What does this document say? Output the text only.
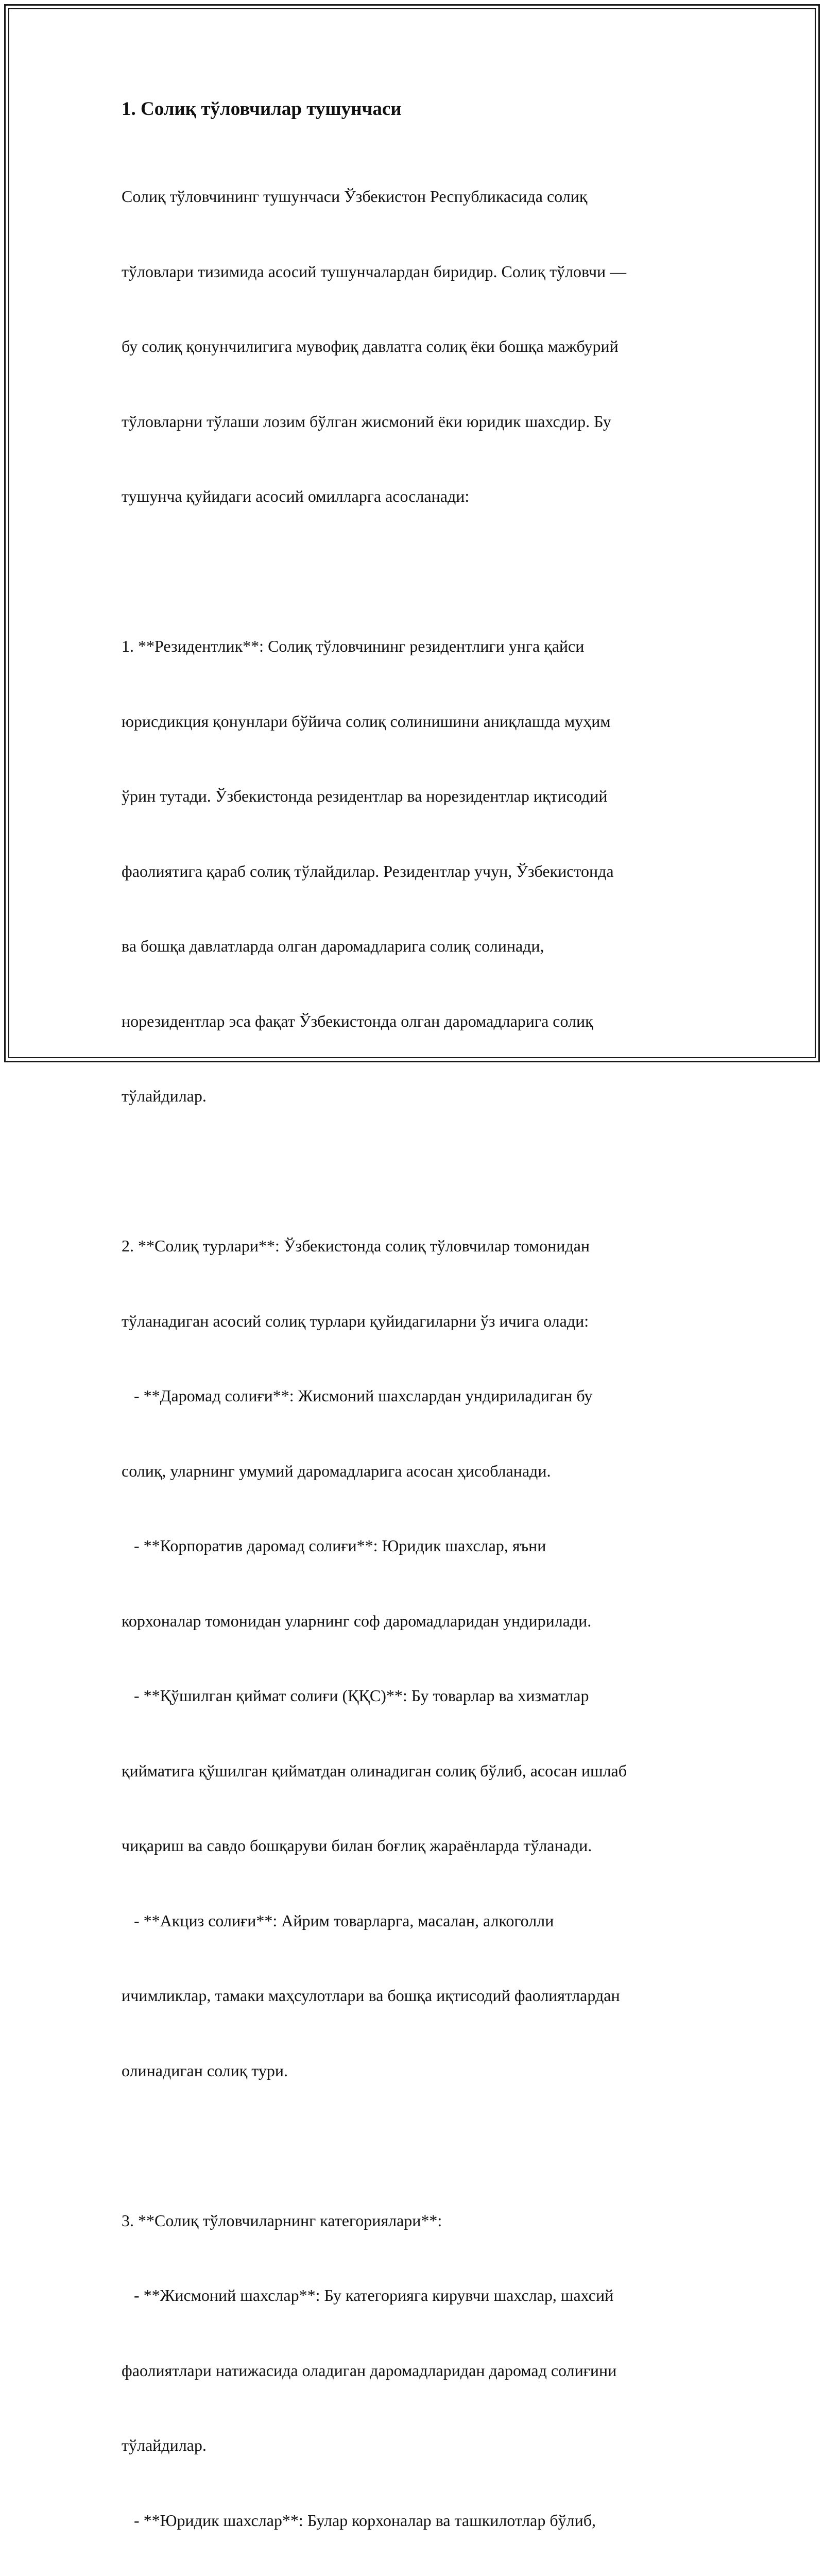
1. Солиқ тўловчилар тушунчаси

Солиқ тўловчининг тушунчаси Ўзбекистон Республикасида солиқ

тўловлари тизимида асосий тушунчалардан биридир. Солиқ тўловчи —

бу солиқ қонунчилигига мувофиқ давлатга солиқ ёки бошқа мажбурий

тўловларни тўлаши лозим бўлган жисмоний ёки юридик шахсдир. Бу

тушунча қуйидаги асосий омилларга асосланади:

1. **Резидентлик**: Солиқ тўловчининг резидентлиги унга қайси

юрисдикция қонунлари бўйича солиқ солинишини аниқлашда муҳим

ўрин тутади. Ўзбекистонда резидентлар ва норезидентлар иқтисодий

фаолиятига қараб солиқ тўлайдилар. Резидентлар учун, Ўзбекистонда

ва бошқа давлатларда олган даромадларига солиқ солинади,

норезидентлар эса фақат Ўзбекистонда олган даромадларига солиқ

тўлайдилар.

2. **Солиқ турлари**: Ўзбекистонда солиқ тўловчилар томонидан

тўланадиган асосий солиқ турлари қуйидагиларни ўз ичига олади:

- **Даромад солиғи**: Жисмоний шахслардан ундириладиган бу

солиқ, уларнинг умумий даромадларига асосан ҳисобланади.

- **Корпоратив даромад солиғи**: Юридик шахслар, яъни

корхоналар томонидан уларнинг соф даромадларидан ундирилади.

- **Қўшилган қиймат солиғи (ҚҚС)**: Бу товарлар ва хизматлар

қийматига қўшилган қийматдан олинадиган солиқ бўлиб, асосан ишлаб

чиқариш ва савдо бошқаруви билан боғлиқ жараёнларда тўланади.

- **Акциз солиғи**: Айрим товарларга, масалан, алкоголли

ичимликлар, тамаки маҳсулотлари ва бошқа иқтисодий фаолиятлардан

олинадиган солиқ тури.

3. **Солиқ тўловчиларнинг категориялари**:

- **Жисмоний шахслар**: Бу категорияга кирувчи шахслар, шахсий

фаолиятлари натижасида оладиган даромадларидан даромад солиғини

тўлайдилар.

- **Юридик шахслар**: Булар корхоналар ва ташкилотлар бўлиб,
